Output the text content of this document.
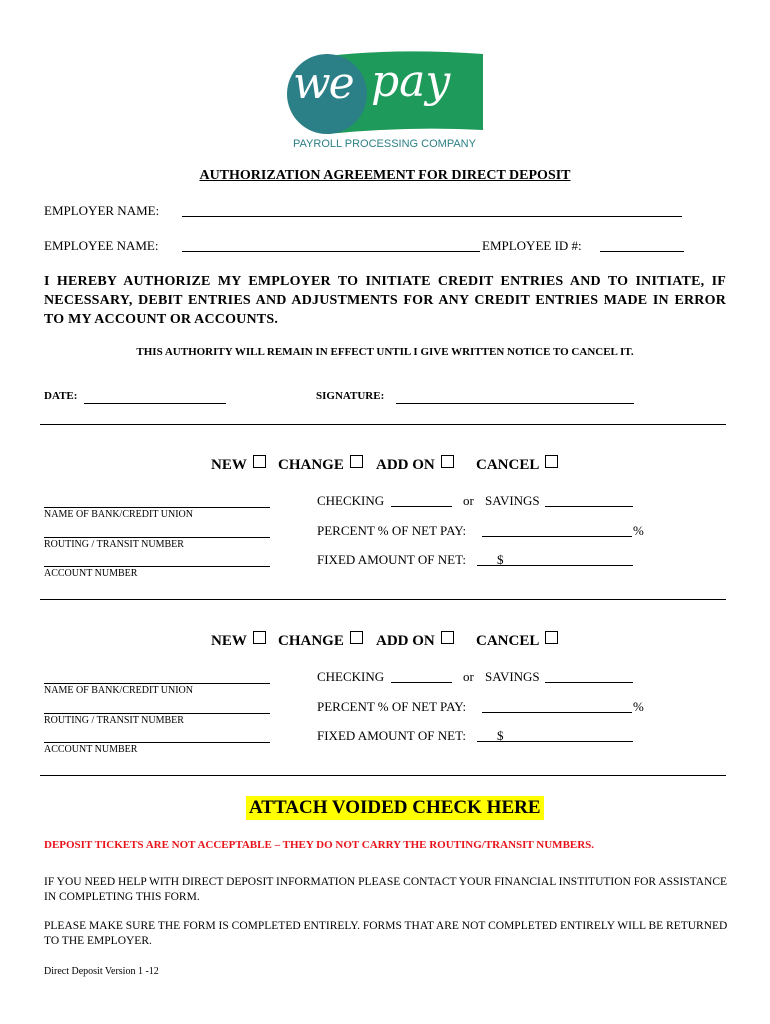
we pay
PAYROLL PROCESSING COMPANY
AUTHORIZATION AGREEMENT FOR DIRECT DEPOSIT
EMPLOYER NAME:
EMPLOYEE NAME:	EMPLOYEE ID #:
I HEREBY AUTHORIZE MY EMPLOYER TO INITIATE CREDIT ENTRIES AND TO INITIATE, IF NECESSARY, DEBIT ENTRIES AND ADJUSTMENTS FOR ANY CREDIT ENTRIES MADE IN ERROR TO MY ACCOUNT OR ACCOUNTS.
THIS AUTHORITY WILL REMAIN IN EFFECT UNTIL I GIVE WRITTEN NOTICE TO CANCEL IT.
DATE:	SIGNATURE:
NEW	CHANGE	ADD ON	CANCEL
NAME OF BANK/CREDIT UNION
ROUTING / TRANSIT NUMBER
ACCOUNT NUMBER
CHECKING	or SAVINGS
PERCENT % OF NET PAY:	%
FIXED AMOUNT OF NET: $
NEW	CHANGE	ADD ON	CANCEL
NAME OF BANK/CREDIT UNION
ROUTING / TRANSIT NUMBER
ACCOUNT NUMBER
CHECKING	or SAVINGS
PERCENT % OF NET PAY:	%
FIXED AMOUNT OF NET: $
ATTACH VOIDED CHECK HERE
DEPOSIT TICKETS ARE NOT ACCEPTABLE – THEY DO NOT CARRY THE ROUTING/TRANSIT NUMBERS.
IF YOU NEED HELP WITH DIRECT DEPOSIT INFORMATION PLEASE CONTACT YOUR FINANCIAL INSTITUTION FOR ASSISTANCE IN COMPLETING THIS FORM.
PLEASE MAKE SURE THE FORM IS COMPLETED ENTIRELY. FORMS THAT ARE NOT COMPLETED ENTIRELY WILL BE RETURNED TO THE EMPLOYER.
Direct Deposit Version 1 -12
